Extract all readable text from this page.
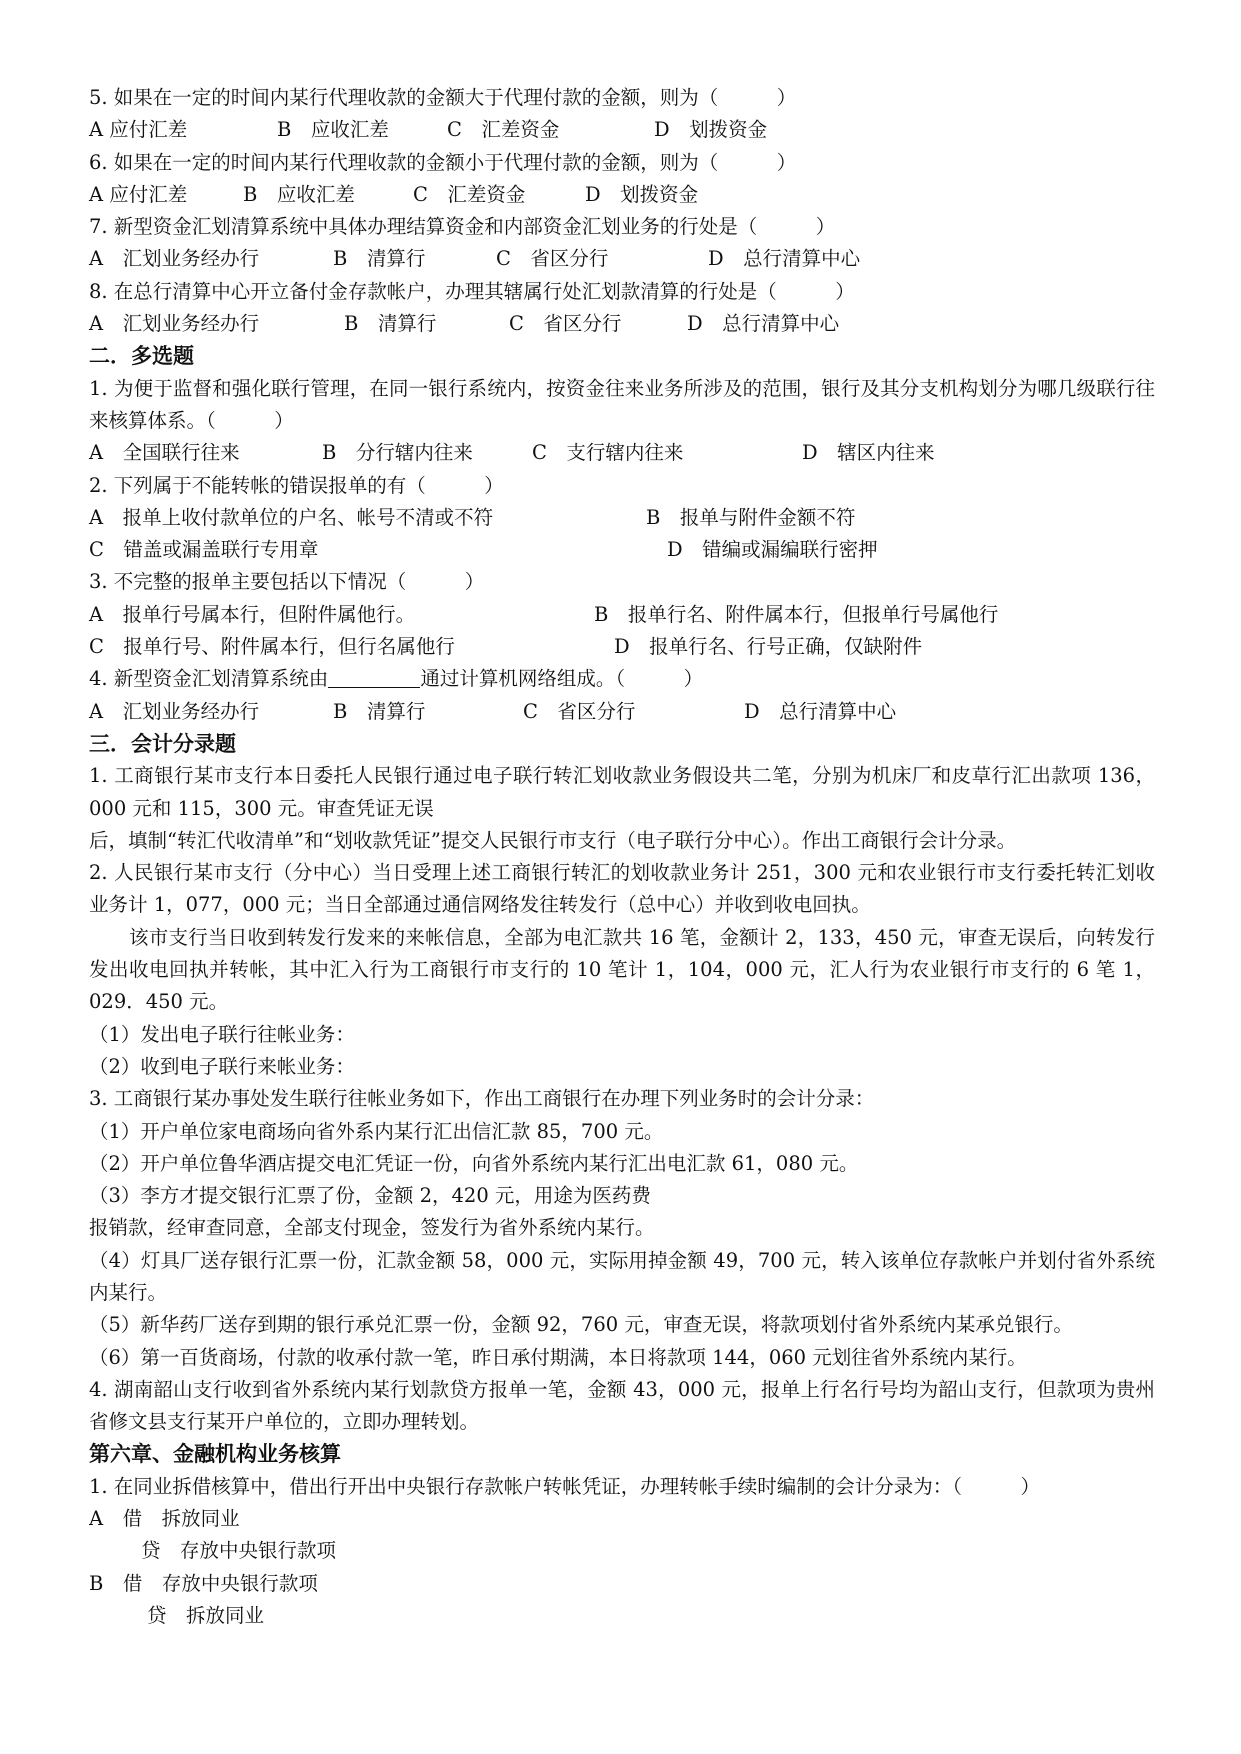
5. 如果在一定的时间内某行代理收款的金额大于代理付款的金额，则为（　　　）
A 应付汇差	B　应收汇差	C　汇差资金	D　划拨资金
6. 如果在一定的时间内某行代理收款的金额小于代理付款的金额，则为（　　　）
A 应付汇差	B　应收汇差	C　汇差资金	D　划拨资金
7. 新型资金汇划清算系统中具体办理结算资金和内部资金汇划业务的行处是（　　　）
A　汇划业务经办行	B　清算行	C　省区分行	D　总行清算中心
8. 在总行清算中心开立备付金存款帐户，办理其辖属行处汇划款清算的行处是（　　　）
A　汇划业务经办行	B　清算行	C　省区分行	D　总行清算中心
二．多选题
1. 为便于监督和强化联行管理，在同一银行系统内，按资金往来业务所涉及的范围，银行及其分支机构划分为哪几级联行往来核算体系。（　　　）
A　全国联行往来	B　分行辖内往来	C　支行辖内往来	D　辖区内往来
2. 下列属于不能转帐的错误报单的有（　　　）
A　报单上收付款单位的户名、帐号不清或不符	B　报单与附件金额不符
C　错盖或漏盖联行专用章	D　错编或漏编联行密押
3. 不完整的报单主要包括以下情况（　　　）
A　报单行号属本行，但附件属他行。	B　报单行名、附件属本行，但报单行号属他行
C　报单行号、附件属本行，但行名属他行	D　报单行名、行号正确，仅缺附件
4. 新型资金汇划清算系统由	通过计算机网络组成。（　　　）
A　汇划业务经办行	B　清算行	C　省区分行	D　总行清算中心
三．会计分录题
1. 工商银行某市支行本日委托人民银行通过电子联行转汇划收款业务假设共二笔，分别为机床厂和皮草行汇出款项 136，000 元和 115，300 元。审查凭证无误
后，填制“转汇代收清单”和“划收款凭证”提交人民银行市支行（电子联行分中心）。作出工商银行会计分录。
2. 人民银行某市支行（分中心）当日受理上述工商银行转汇的划收款业务计 251，300 元和农业银行市支行委托转汇划收业务计 1，077，000 元；当日全部通过通信网络发往转发行（总中心）并收到收电回执。
该市支行当日收到转发行发来的来帐信息，全部为电汇款共 16 笔，金额计 2，133，450 元，审查无误后，向转发行发出收电回执并转帐，其中汇入行为工商银行市支行的 10 笔计 1，104，000 元，汇人行为农业银行市支行的 6 笔 1，029．450 元。
（1）发出电子联行往帐业务：
（2）收到电子联行来帐业务：
3. 工商银行某办事处发生联行往帐业务如下，作出工商银行在办理下列业务时的会计分录：
（1）开户单位家电商场向省外系内某行汇出信汇款 85，700 元。
（2）开户单位鲁华酒店提交电汇凭证一份，向省外系统内某行汇出电汇款 61，080 元。
（3）李方才提交银行汇票了份，金额 2，420 元，用途为医药费
报销款，经审查同意，全部支付现金，签发行为省外系统内某行。
（4）灯具厂送存银行汇票一份，汇款金额 58，000 元，实际用掉金额 49，700 元，转入该单位存款帐户并划付省外系统内某行。
（5）新华药厂送存到期的银行承兑汇票一份，金额 92，760 元，审查无误，将款项划付省外系统内某承兑银行。
（6）第一百货商场，付款的收承付款一笔，昨日承付期满，本日将款项 144，060 元划往省外系统内某行。
4. 湖南韶山支行收到省外系统内某行划款贷方报单一笔，金额 43，000 元，报单上行名行号均为韶山支行，但款项为贵州省修文县支行某开户单位的，立即办理转划。
第六章、金融机构业务核算
1. 在同业拆借核算中，借出行开出中央银行存款帐户转帐凭证，办理转帐手续时编制的会计分录为：（　　　）
A　借　拆放同业
贷　存放中央银行款项
B　借　存放中央银行款项
贷　拆放同业
